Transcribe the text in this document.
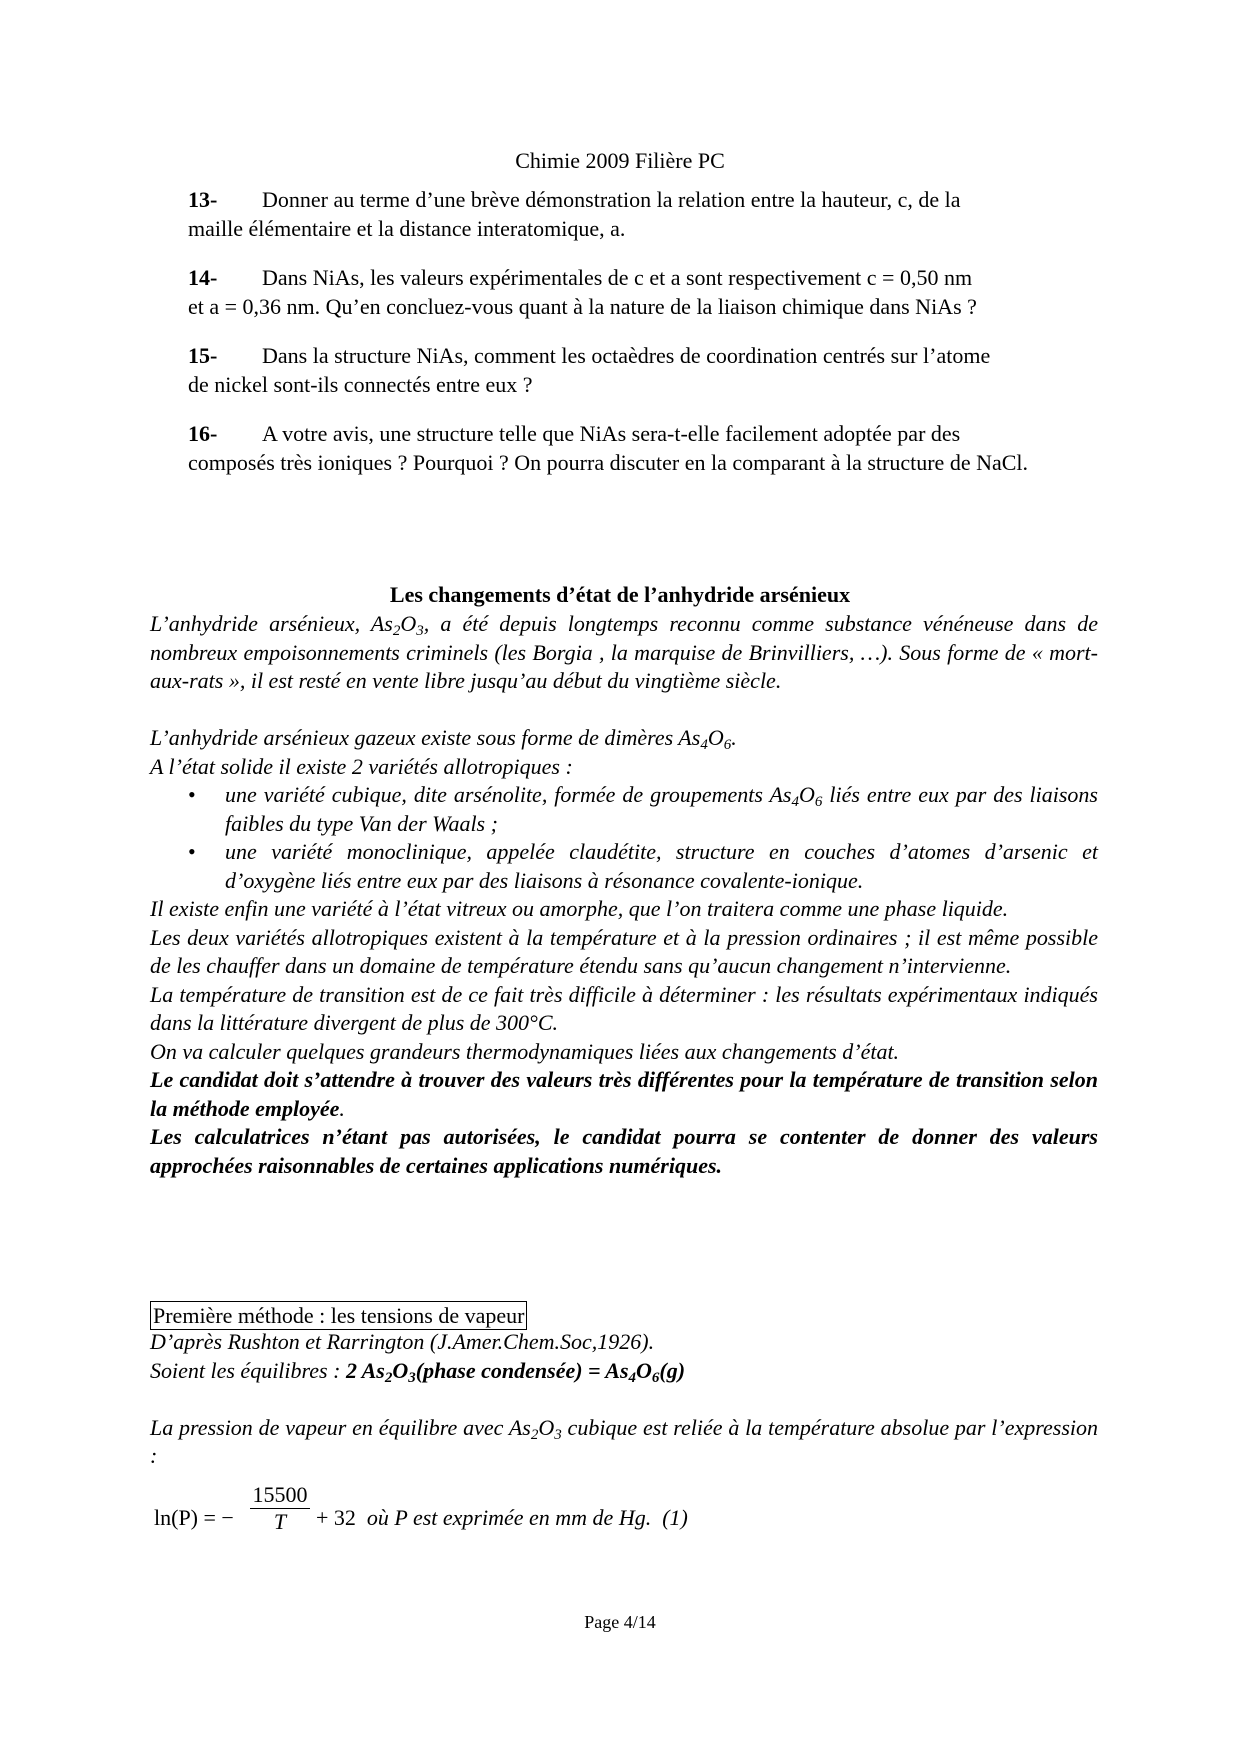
Chimie 2009 Filière PC
13- Donner au terme d’une brève démonstration la relation entre la hauteur, c, de la
maille élémentaire et la distance interatomique, a.
14- Dans NiAs, les valeurs expérimentales de c et a sont respectivement c = 0,50 nm
et a = 0,36 nm. Qu’en concluez-vous quant à la nature de la liaison chimique dans NiAs ?
15- Dans la structure NiAs, comment les octaèdres de coordination centrés sur l’atome
de nickel sont-ils connectés entre eux ?
16- A votre avis, une structure telle que NiAs sera-t-elle facilement adoptée par des
composés très ioniques ? Pourquoi ? On pourra discuter en la comparant à la structure de NaCl.
Les changements d’état de l’anhydride arsénieux

L’anhydride arsénieux, $As_2O_3$, a été depuis longtemps reconnu comme substance vénéneuse dans de nombreux empoisonnements criminels (les Borgia , la marquise de Brinvilliers, …). Sous forme de « mort-aux-rats », il est resté en vente libre jusqu’au début du vingtième siècle.

L’anhydride arsénieux gazeux existe sous forme de dimères $As_4O_6$.

A l’état solide il existe 2 variétés allotropiques :

• une variété cubique, dite arsénolite, formée de groupements $As_4O_6$ liés entre eux par des liaisons faibles du type Van der Waals ;
• une variété monoclinique, appelée claudétite, structure en couches d’atomes d’arsenic et d’oxygène liés entre eux par des liaisons à résonance covalente-ionique.

Il existe enfin une variété à l’état vitreux ou amorphe, que l’on traitera comme une phase liquide.

Les deux variétés allotropiques existent à la température et à la pression ordinaires ; il est même possible de les chauffer dans un domaine de température étendu sans qu’aucun changement n’intervienne.

La température de transition est de ce fait très difficile à déterminer : les résultats expérimentaux indiqués dans la littérature divergent de plus de 300°C.

On va calculer quelques grandeurs thermodynamiques liées aux changements d’état.

Le candidat doit s’attendre à trouver des valeurs très différentes pour la température de transition selon la méthode employée.

Les calculatrices n’étant pas autorisées, le candidat pourra se contenter de donner des valeurs approchées raisonnables de certaines applications numériques.

Première méthode : les tensions de vapeur

D’après Rushton et Rarrington (J.Amer.Chem.Soc,1926).

Soient les équilibres : 2 $As_2O_3(phase$ condensée) = $As_4O_6(g)$

La pression de vapeur en équilibre avec $As_2O_3$ cubique est reliée à la température absolue par l’expression :

ln(P) = − $\frac{15500}{T} + 32$ où P est exprimée en mm de Hg. (1)
Page 4/14
